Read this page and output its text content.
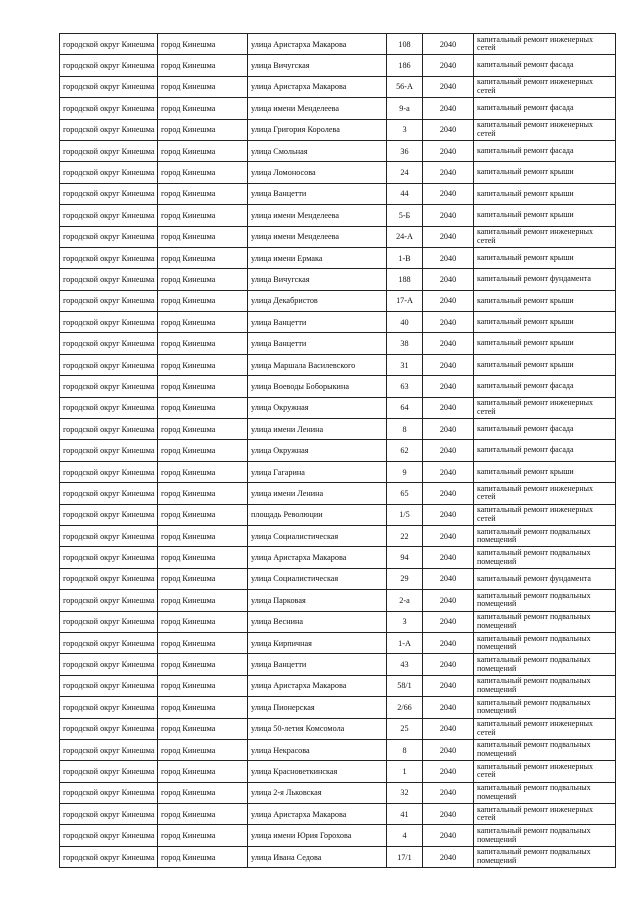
городской округ Кинешма	город Кинешма	улица Аристарха Макарова	108	2040	капитальный ремонт инженерных сетей
городской округ Кинешма	город Кинешма	улица Вичугская	186	2040	капитальный ремонт фасада
городской округ Кинешма	город Кинешма	улица Аристарха Макарова	56-А	2040	капитальный ремонт инженерных сетей
городской округ Кинешма	город Кинешма	улица имени Менделеева	9-а	2040	капитальный ремонт фасада
городской округ Кинешма	город Кинешма	улица Григория Королева	3	2040	капитальный ремонт инженерных сетей
городской округ Кинешма	город Кинешма	улица Смольная	36	2040	капитальный ремонт фасада
городской округ Кинешма	город Кинешма	улица Ломоносова	24	2040	капитальный ремонт крыши
городской округ Кинешма	город Кинешма	улица Ванцетти	44	2040	капитальный ремонт крыши
городской округ Кинешма	город Кинешма	улица имени Менделеева	5-Б	2040	капитальный ремонт крыши
городской округ Кинешма	город Кинешма	улица имени Менделеева	24-А	2040	капитальный ремонт инженерных сетей
городской округ Кинешма	город Кинешма	улица имени Ермака	1-В	2040	капитальный ремонт крыши
городской округ Кинешма	город Кинешма	улица Вичугская	188	2040	капитальный ремонт фундамента
городской округ Кинешма	город Кинешма	улица Декабристов	17-А	2040	капитальный ремонт крыши
городской округ Кинешма	город Кинешма	улица Ванцетти	40	2040	капитальный ремонт крыши
городской округ Кинешма	город Кинешма	улица Ванцетти	38	2040	капитальный ремонт крыши
городской округ Кинешма	город Кинешма	улица Маршала Василевского	31	2040	капитальный ремонт крыши
городской округ Кинешма	город Кинешма	улица Воеводы Боборыкина	63	2040	капитальный ремонт фасада
городской округ Кинешма	город Кинешма	улица Окружная	64	2040	капитальный ремонт инженерных сетей
городской округ Кинешма	город Кинешма	улица имени Ленина	8	2040	капитальный ремонт фасада
городской округ Кинешма	город Кинешма	улица Окружная	62	2040	капитальный ремонт фасада
городской округ Кинешма	город Кинешма	улица Гагарина	9	2040	капитальный ремонт крыши
городской округ Кинешма	город Кинешма	улица имени Ленина	65	2040	капитальный ремонт инженерных сетей
городской округ Кинешма	город Кинешма	площадь Революции	1/5	2040	капитальный ремонт инженерных сетей
городской округ Кинешма	город Кинешма	улица Социалистическая	22	2040	капитальный ремонт подвальных помещений
городской округ Кинешма	город Кинешма	улица Аристарха Макарова	94	2040	капитальный ремонт подвальных помещений
городской округ Кинешма	город Кинешма	улица Социалистическая	29	2040	капитальный ремонт фундамента
городской округ Кинешма	город Кинешма	улица Парковая	2-а	2040	капитальный ремонт подвальных помещений
городской округ Кинешма	город Кинешма	улица Веснина	3	2040	капитальный ремонт подвальных помещений
городской округ Кинешма	город Кинешма	улица Кирпичная	1-А	2040	капитальный ремонт подвальных помещений
городской округ Кинешма	город Кинешма	улица Ванцетти	43	2040	капитальный ремонт подвальных помещений
городской округ Кинешма	город Кинешма	улица Аристарха Макарова	58/1	2040	капитальный ремонт подвальных помещений
городской округ Кинешма	город Кинешма	улица Пионерская	2/66	2040	капитальный ремонт подвальных помещений
городской округ Кинешма	город Кинешма	улица 50-летия Комсомола	25	2040	капитальный ремонт инженерных сетей
городской округ Кинешма	город Кинешма	улица Некрасова	8	2040	капитальный ремонт подвальных помещений
городской округ Кинешма	город Кинешма	улица Красноветкинская	1	2040	капитальный ремонт инженерных сетей
городской округ Кинешма	город Кинешма	улица 2-я Льковская	32	2040	капитальный ремонт подвальных помещений
городской округ Кинешма	город Кинешма	улица Аристарха Макарова	41	2040	капитальный ремонт инженерных сетей
городской округ Кинешма	город Кинешма	улица имени Юрия Горохова	4	2040	капитальный ремонт подвальных помещений
городской округ Кинешма	город Кинешма	улица Ивана Седова	17/1	2040	капитальный ремонт подвальных помещений
